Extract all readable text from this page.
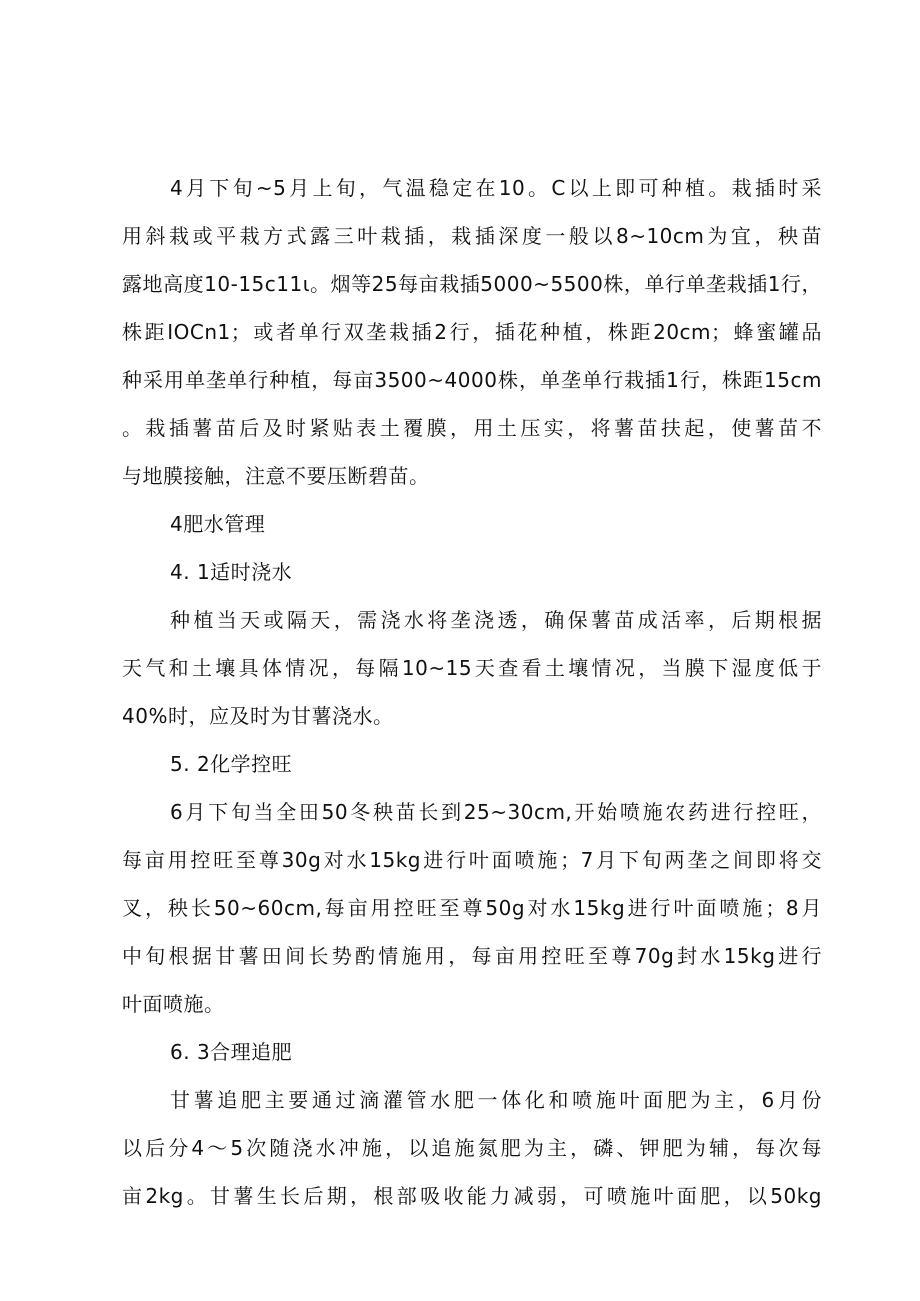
4月下旬~5月上旬，气温稳定在10。C以上即可种植。栽插时采
用斜栽或平栽方式露三叶栽插，栽插深度一般以8~10cm为宜，秧苗
露地高度10-15c11ι。烟等25每亩栽插5000~5500株，单行单垄栽插1行，
株距IOCn1；或者单行双垄栽插2行，插花种植，株距20cm；蜂蜜罐品
种采用单垄单行种植，每亩3500~4000株，单垄单行栽插1行，株距15cm
。栽插薯苗后及时紧贴表土覆膜，用土压实，将薯苗扶起，使薯苗不
与地膜接触，注意不要压断碧苗。
4肥水管理
4. 1适时浇水
种植当天或隔天，需浇水将垄浇透，确保薯苗成活率，后期根据
天气和土壤具体情况，每隔10~15天查看土壤情况，当膜下湿度低于
40%时，应及时为甘薯浇水。
5. 2化学控旺
6月下旬当全田50冬秧苗长到25~30cm,开始喷施农药进行控旺，
每亩用控旺至尊30g对水15kg进行叶面喷施；7月下旬两垄之间即将交
叉，秧长50~60cm,每亩用控旺至尊50g对水15kg进行叶面喷施；8月
中旬根据甘薯田间长势酌情施用，每亩用控旺至尊70g封水15kg进行
叶面喷施。
6. 3合理追肥
甘薯追肥主要通过滴灌管水肥一体化和喷施叶面肥为主，6月份
以后分4〜5次随浇水冲施，以追施氮肥为主，磷、钾肥为辅，每次每
亩2kg。甘薯生长后期，根部吸收能力减弱，可喷施叶面肥，以50kg
